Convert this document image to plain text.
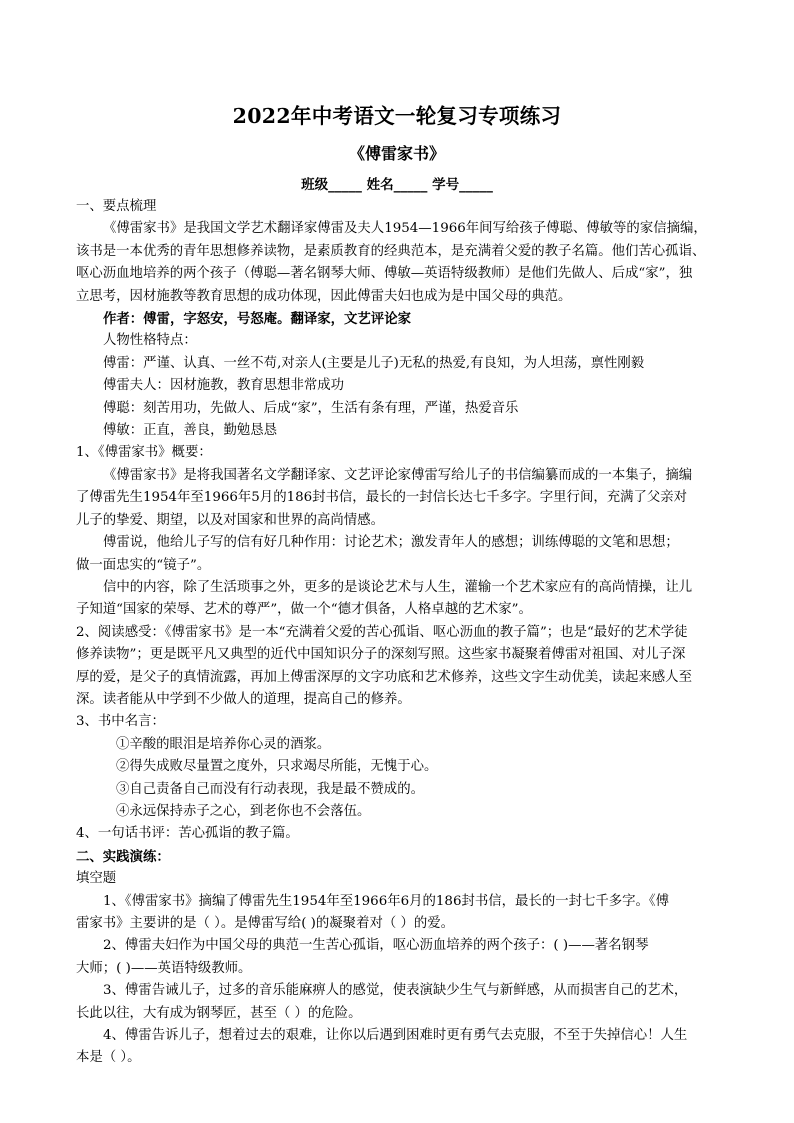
2022年中考语文一轮复习专项练习
《傅雷家书》
班级_____ 姓名_____ 学号_____
一、要点梳理
《傅雷家书》是我国文学艺术翻译家傅雷及夫人1954—1966年间写给孩子傅聪、傅敏等的家信摘编，
该书是一本优秀的青年思想修养读物，是素质教育的经典范本，是充满着父爱的教子名篇。他们苦心孤诣、
呕心沥血地培养的两个孩子（傅聪—著名钢琴大师、傅敏—英语特级教师）是他们先做人、后成“家”，独
立思考，因材施教等教育思想的成功体现，因此傅雷夫妇也成为是中国父母的典范。
作者：傅雷，字怒安，号怒庵。翻译家，文艺评论家
人物性格特点：
傅雷：严谨、认真、一丝不苟,对亲人(主要是儿子)无私的热爱,有良知，为人坦荡，禀性刚毅
傅雷夫人：因材施教，教育思想非常成功
傅聪：刻苦用功，先做人、后成“家”，生活有条有理，严谨，热爱音乐
傅敏：正直，善良，勤勉恳恳
1、《傅雷家书》概要：
《傅雷家书》是将我国著名文学翻译家、文艺评论家傅雷写给儿子的书信编纂而成的一本集子，摘编
了傅雷先生1954年至1966年5月的186封书信，最长的一封信长达七千多字。字里行间，充满了父亲对
儿子的挚爱、期望，以及对国家和世界的高尚情感。
傅雷说，他给儿子写的信有好几种作用：讨论艺术；激发青年人的感想；训练傅聪的文笔和思想；
做一面忠实的“镜子”。
信中的内容，除了生活琐事之外，更多的是谈论艺术与人生，灌输一个艺术家应有的高尚情操，让儿
子知道“国家的荣辱、艺术的尊严”，做一个“德才俱备，人格卓越的艺术家”。
2、阅读感受：《傅雷家书》是一本“充满着父爱的苦心孤诣、呕心沥血的教子篇”；也是“最好的艺术学徒
修养读物”；更是既平凡又典型的近代中国知识分子的深刻写照。这些家书凝聚着傅雷对祖国、对儿子深
厚的爱，是父子的真情流露，再加上傅雷深厚的文字功底和艺术修养，这些文字生动优美，读起来感人至
深。读者能从中学到不少做人的道理，提高自己的修养。
3、书中名言：
①辛酸的眼泪是培养你心灵的酒浆。
②得失成败尽量置之度外，只求竭尽所能，无愧于心。
③自己责备自己而没有行动表现，我是最不赞成的。
④永远保持赤子之心，到老你也不会落伍。
4、一句话书评：苦心孤诣的教子篇。
二、实践演练：
填空题
1、《傅雷家书》摘编了傅雷先生1954年至1966年6月的186封书信，最长的一封七千多字。《傅
雷家书》主要讲的是（ ）。是傅雷写给( )的凝聚着对（ ）的爱。
2、傅雷夫妇作为中国父母的典范一生苦心孤诣，呕心沥血培养的两个孩子：( )——著名钢琴
大师；( )——英语特级教师。
3、傅雷告诫儿子，过多的音乐能麻痹人的感觉，使表演缺少生气与新鲜感，从而损害自己的艺术，
长此以往，大有成为钢琴匠，甚至（ ）的危险。
4、傅雷告诉儿子，想着过去的艰难，让你以后遇到困难时更有勇气去克服，不至于失掉信心！人生
本是（ ）。
